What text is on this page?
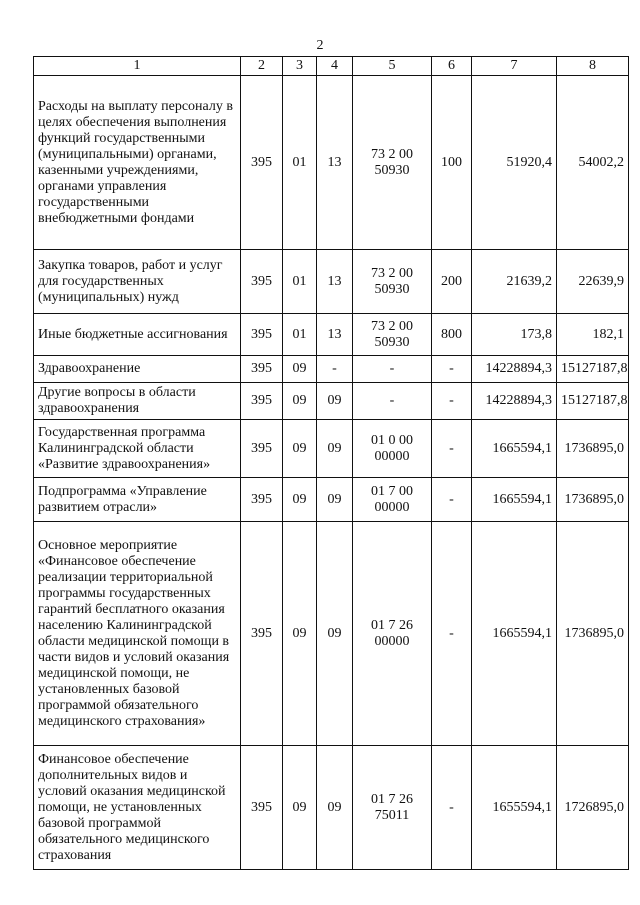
2
1	2	3	4	5	6	7	8
Расходы на выплату персоналу в целях обеспечения выполнения функций государственными (муниципальными) органами, казенными учреждениями, органами управления государственными внебюджетными фондами	395	01	13	73 2 00 50930	100	51920,4	54002,2
Закупка товаров, работ и услуг для государственных (муниципальных) нужд	395	01	13	73 2 00 50930	200	21639,2	22639,9
Иные бюджетные ассигнования	395	01	13	73 2 00 50930	800	173,8	182,1
Здравоохранение	395	09	-	-	-	14228894,3	15127187,8
Другие вопросы в области здравоохранения	395	09	09	-	-	14228894,3	15127187,8
Государственная программа Калининградской области «Развитие здравоохранения»	395	09	09	01 0 00 00000	-	1665594,1	1736895,0
Подпрограмма «Управление развитием отрасли»	395	09	09	01 7 00 00000	-	1665594,1	1736895,0
Основное мероприятие «Финансовое обеспечение реализации территориальной программы государственных гарантий бесплатного оказания населению Калининградской области медицинской помощи в части видов и условий оказания медицинской помощи, не установленных базовой программой обязательного медицинского страхования»	395	09	09	01 7 26 00000	-	1665594,1	1736895,0
Финансовое обеспечение дополнительных видов и условий оказания медицинской помощи, не установленных базовой программой обязательного медицинского страхования	395	09	09	01 7 26 75011	-	1655594,1	1726895,0
